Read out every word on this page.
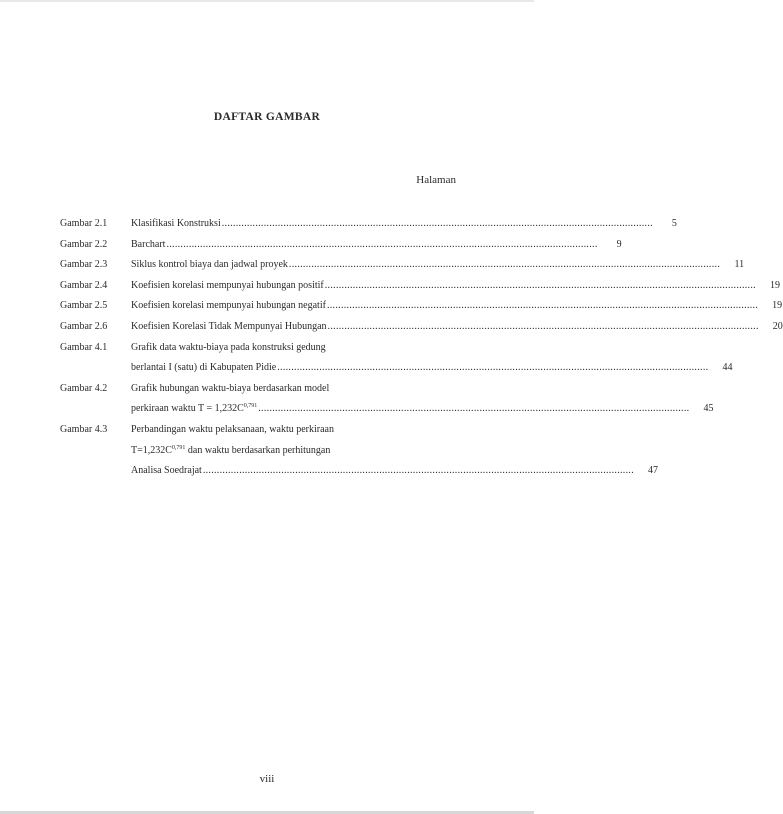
DAFTAR GAMBAR
Halaman
Gambar 2.1	Klasifikasi Konstruksi .....	5
Gambar 2.2	Barchart .....	9
Gambar 2.3	Siklus kontrol biaya dan jadwal proyek .....	11
Gambar 2.4	Koefisien korelasi mempunyai hubungan positif .....	19
Gambar 2.5	Koefisien korelasi mempunyai hubungan negatif .....	19
Gambar 2.6	Koefisien Korelasi Tidak Mempunyai Hubungan .....	20
Gambar 4.1	Grafik data waktu-biaya pada konstruksi gedung
berlantai I (satu) di Kabupaten Pidie .....	44
Gambar 4.2	Grafik hubungan waktu-biaya berdasarkan model
perkiraan waktu $T = 1,232C^{0,791}$ .....	45
Gambar 4.3	Perbandingan waktu pelaksanaan, waktu perkiraan
$T=1,232C^{0,791}$ dan waktu berdasarkan perhitungan
Analisa Soedrajat .....	47
viii
